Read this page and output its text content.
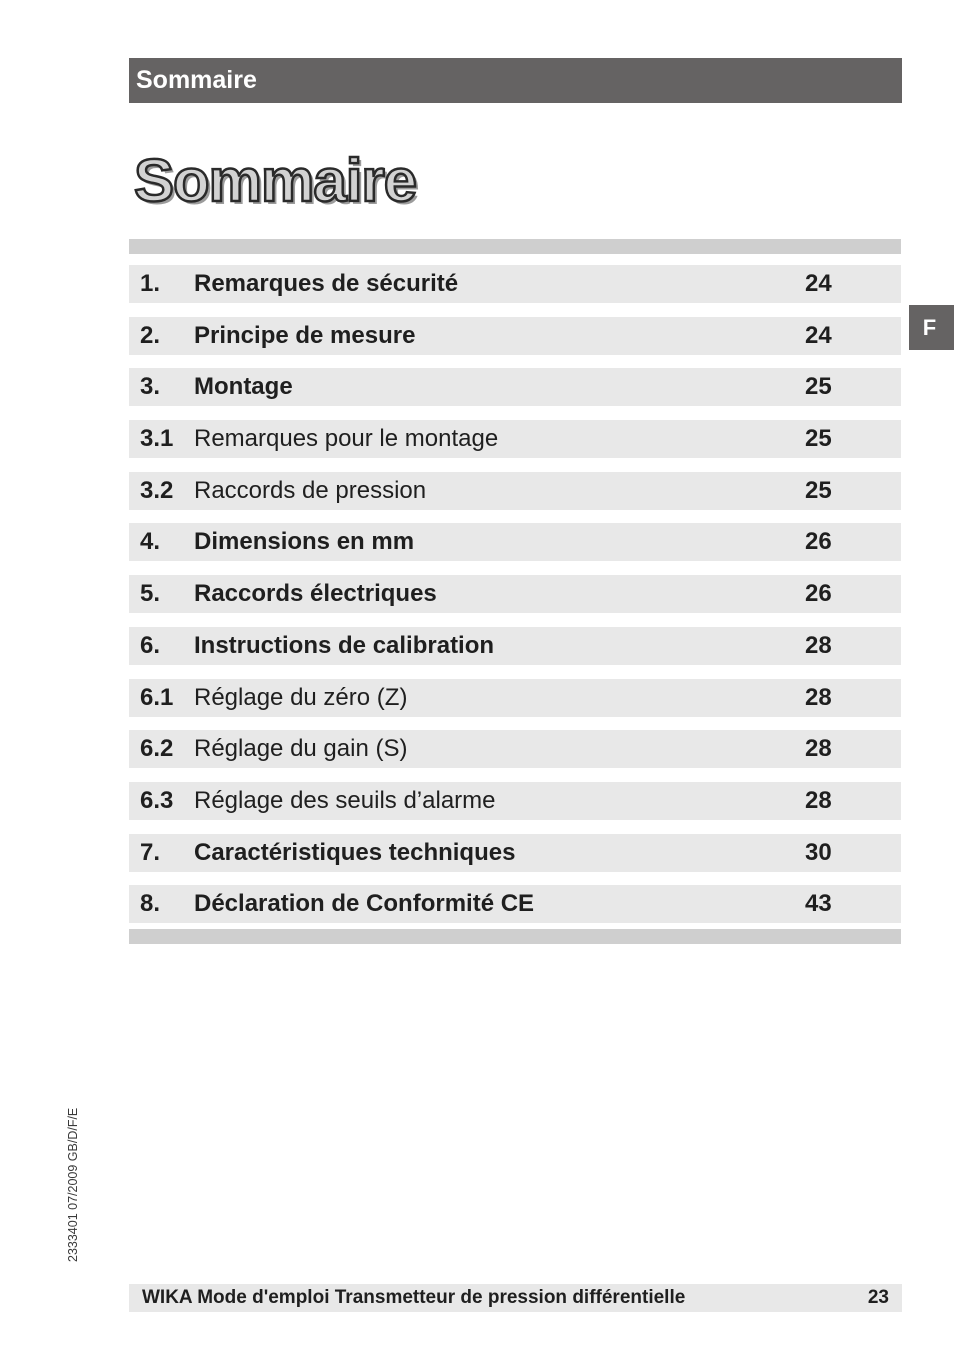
Sommaire
Sommaire
1.	Remarques de sécurité	24
2.	Principe de mesure	24
3.	Montage	25
3.1 Remarques pour le montage	25
3.2 Raccords de pression	25
4.	Dimensions en mm	26
5.	Raccords électriques	26
6.	Instructions de calibration	28
6.1 Réglage du zéro (Z)	28
6.2 Réglage du gain (S)	28
6.3 Réglage des seuils d’alarme	28
7.	Caractéristiques techniques	30
8.	Déclaration de Conformité CE	43
F
2333401 07/2009 GB/D/F/E
WIKA Mode d'emploi Transmetteur de pression différentielle	23
